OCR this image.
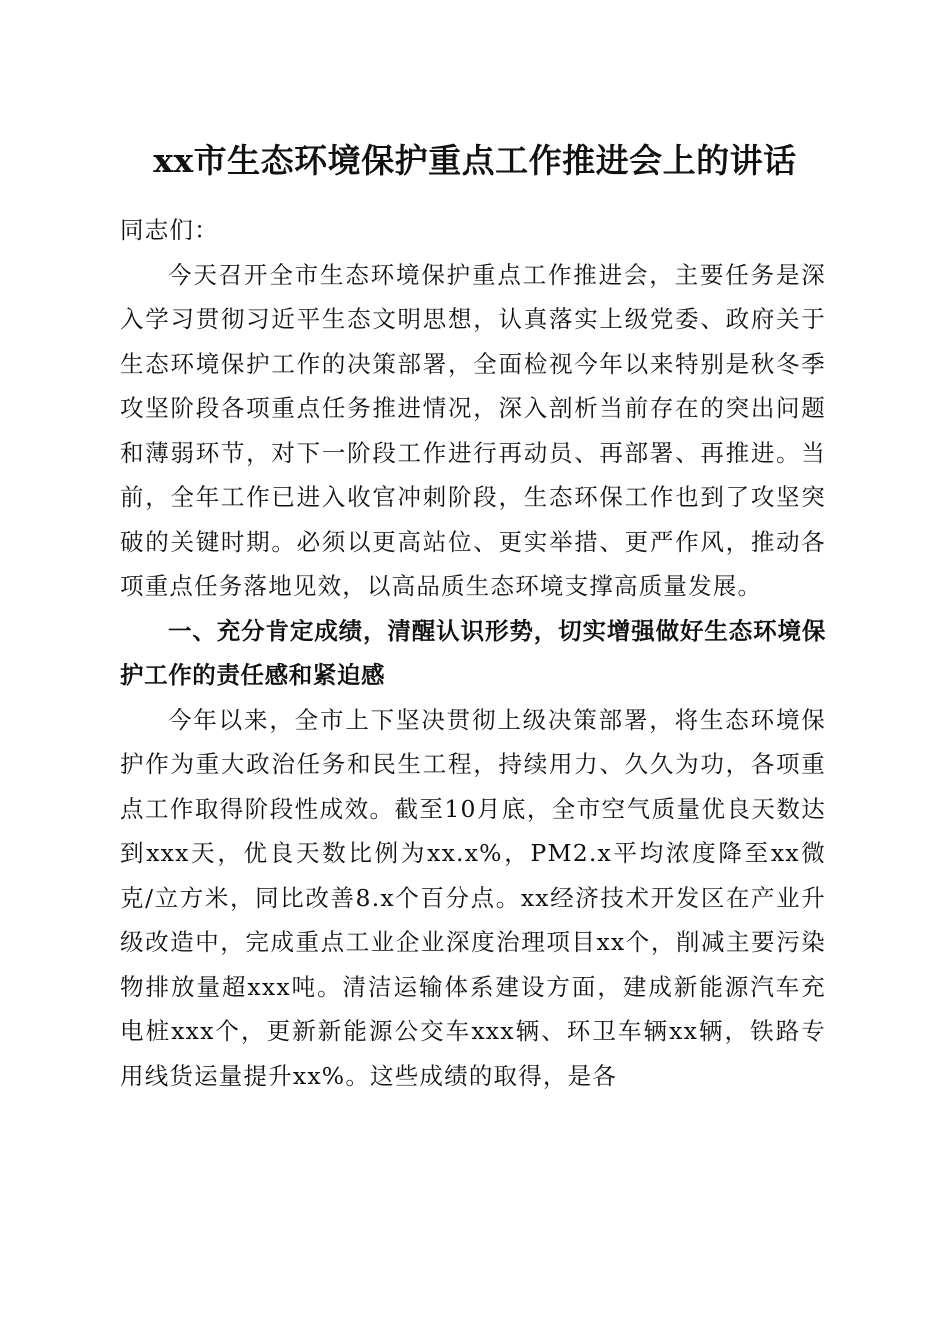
xx市生态环境保护重点工作推进会上的讲话

同志们：

今天召开全市生态环境保护重点工作推进会，主要任务是深入学习贯彻习近平生态文明思想，认真落实上级党委、政府关于生态环境保护工作的决策部署，全面检视今年以来特别是秋冬季攻坚阶段各项重点任务推进情况，深入剖析当前存在的突出问题和薄弱环节，对下一阶段工作进行再动员、再部署、再推进。当前，全年工作已进入收官冲刺阶段，生态环保工作也到了攻坚突破的关键时期。必须以更高站位、更实举措、更严作风，推动各项重点任务落地见效，以高品质生态环境支撑高质量发展。

一、充分肯定成绩，清醒认识形势，切实增强做好生态环境保护工作的责任感和紧迫感

今年以来，全市上下坚决贯彻上级决策部署，将生态环境保护作为重大政治任务和民生工程，持续用力、久久为功，各项重点工作取得阶段性成效。截至10月底，全市空气质量优良天数达到xxx天，优良天数比例为xx.x%，PM2.x平均浓度降至xx微克/立方米，同比改善8.x个百分点。xx经济技术开发区在产业升级改造中，完成重点工业企业深度治理项目xx个，削减主要污染物排放量超xxx吨。清洁运输体系建设方面，建成新能源汽车充电桩xxx个，更新新能源公交车xxx辆、环卫车辆xx辆，铁路专用线货运量提升xx%。这些成绩的取得，是各
